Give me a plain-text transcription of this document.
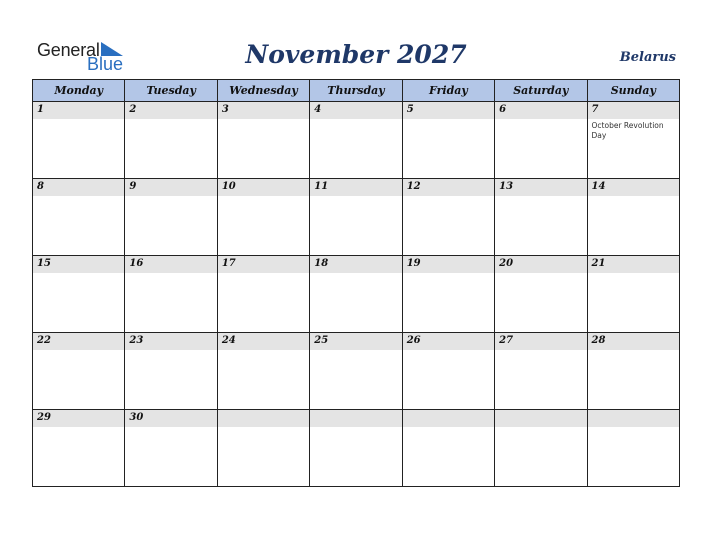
General
Blue	November 2027	Belarus
Monday	Tuesday	Wednesday	Thursday	Friday	Saturday	Sunday

1	2	3	4	5	6	7
October Revolution Day

8	9	10	11	12	13	14

15	16	17	18	19	20	21

22	23	24	25	26	27	28

29	30					
